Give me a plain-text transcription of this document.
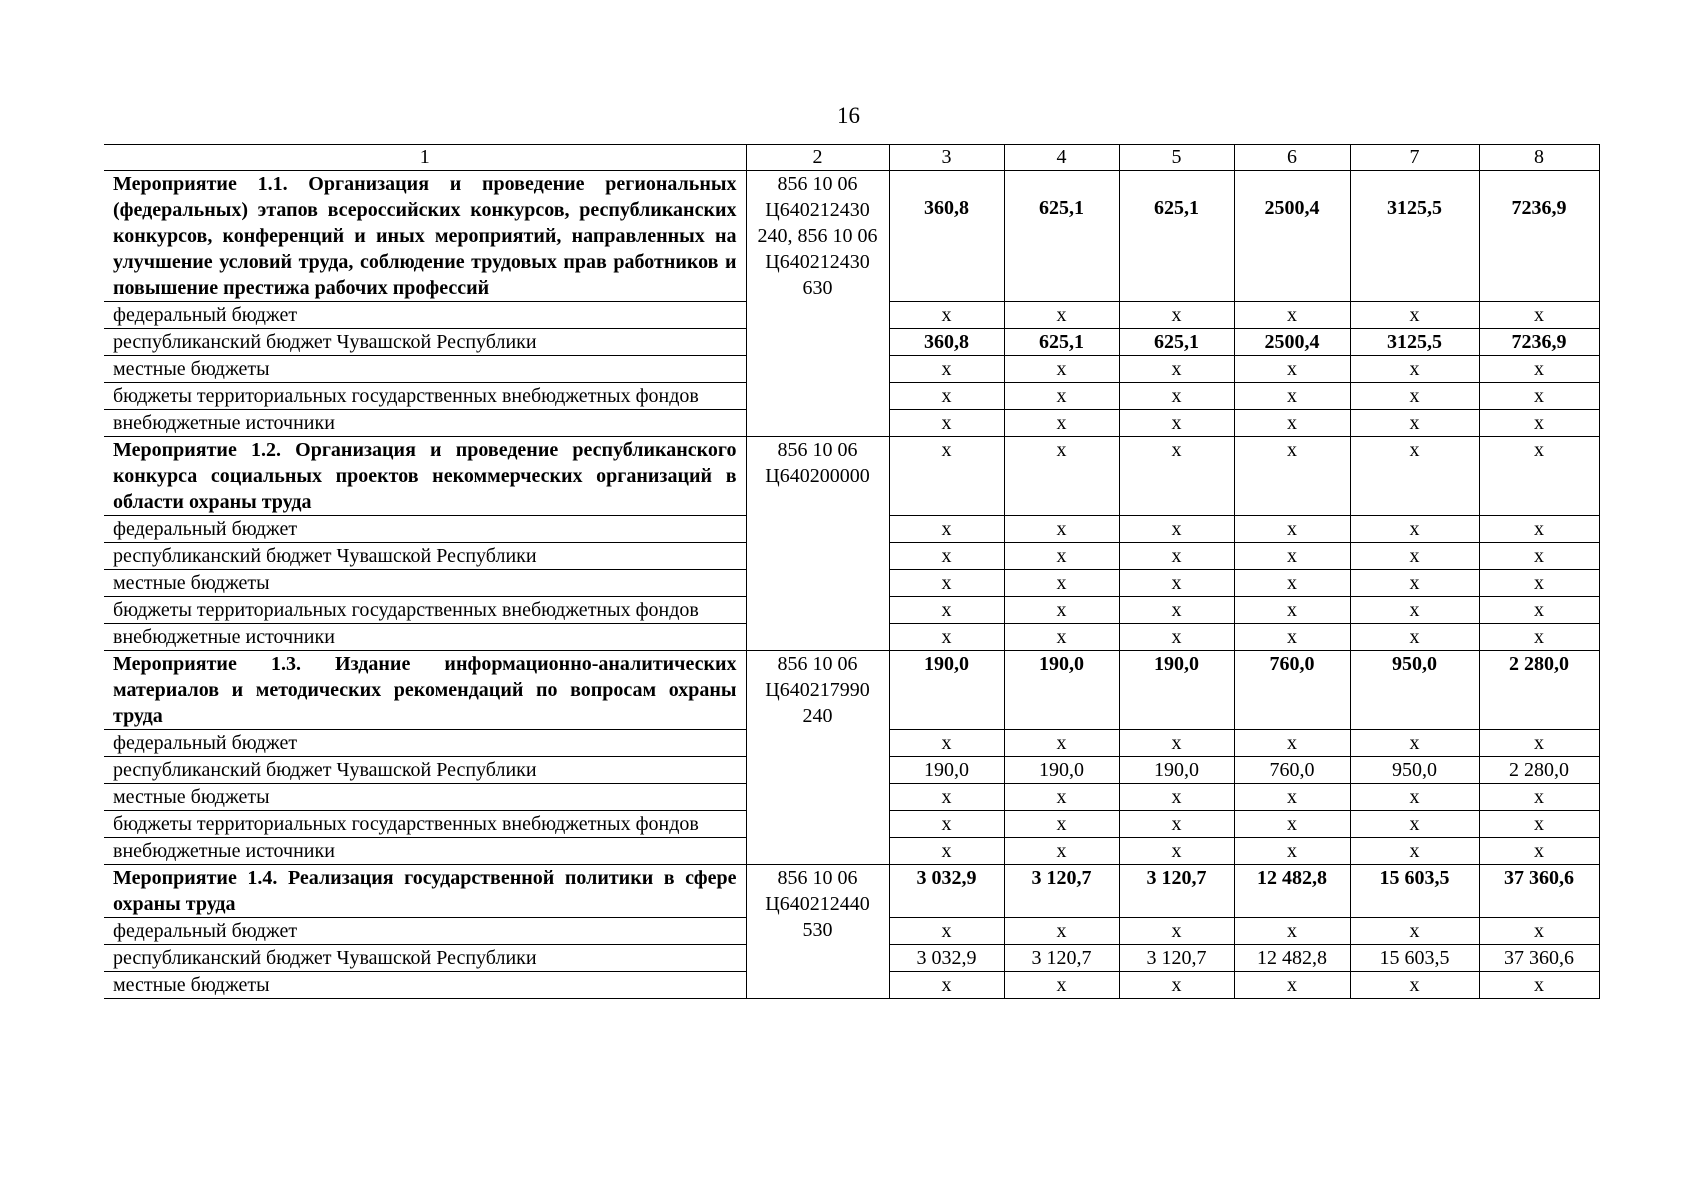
16
1	2	3	4	5	6	7	8
Мероприятие 1.1. Организация и проведение региональных (федеральных) этапов всероссийских конкурсов, республиканских конкурсов, конференций и иных мероприятий, направленных на улучшение условий труда, соблюдение трудовых прав работников и повышение престижа рабочих профессий	856 10 06 Ц640212430 240, 856 10 06 Ц640212430 630	360,8	625,1	625,1	2500,4	3125,5	7236,9
федеральный бюджет		х	х	х	х	х	х
республиканский бюджет Чувашской Республики		360,8	625,1	625,1	2500,4	3125,5	7236,9
местные бюджеты		х	х	х	х	х	х
бюджеты территориальных государственных внебюджетных фондов		х	х	х	х	х	х
внебюджетные источники		х	х	х	х	х	х
Мероприятие 1.2. Организация и проведение республиканского конкурса социальных проектов некоммерческих организаций в области охраны труда	856 10 06 Ц640200000	х	х	х	х	х	х
федеральный бюджет		х	х	х	х	х	х
республиканский бюджет Чувашской Республики		х	х	х	х	х	х
местные бюджеты		х	х	х	х	х	х
бюджеты территориальных государственных внебюджетных фондов		х	х	х	х	х	х
внебюджетные источники		х	х	х	х	х	х
Мероприятие 1.3. Издание информационно-аналитических материалов и методических рекомендаций по вопросам охраны труда	856 10 06 Ц640217990 240	190,0	190,0	190,0	760,0	950,0	2 280,0
федеральный бюджет		х	х	х	х	х	х
республиканский бюджет Чувашской Республики		190,0	190,0	190,0	760,0	950,0	2 280,0
местные бюджеты		х	х	х	х	х	х
бюджеты территориальных государственных внебюджетных фондов		х	х	х	х	х	х
внебюджетные источники		х	х	х	х	х	х
Мероприятие 1.4. Реализация государственной политики в сфере охраны труда	856 10 06 Ц640212440 530	3 032,9	3 120,7	3 120,7	12 482,8	15 603,5	37 360,6
федеральный бюджет		х	х	х	х	х	х
республиканский бюджет Чувашской Республики		3 032,9	3 120,7	3 120,7	12 482,8	15 603,5	37 360,6
местные бюджеты		х	х	х	х	х	х
